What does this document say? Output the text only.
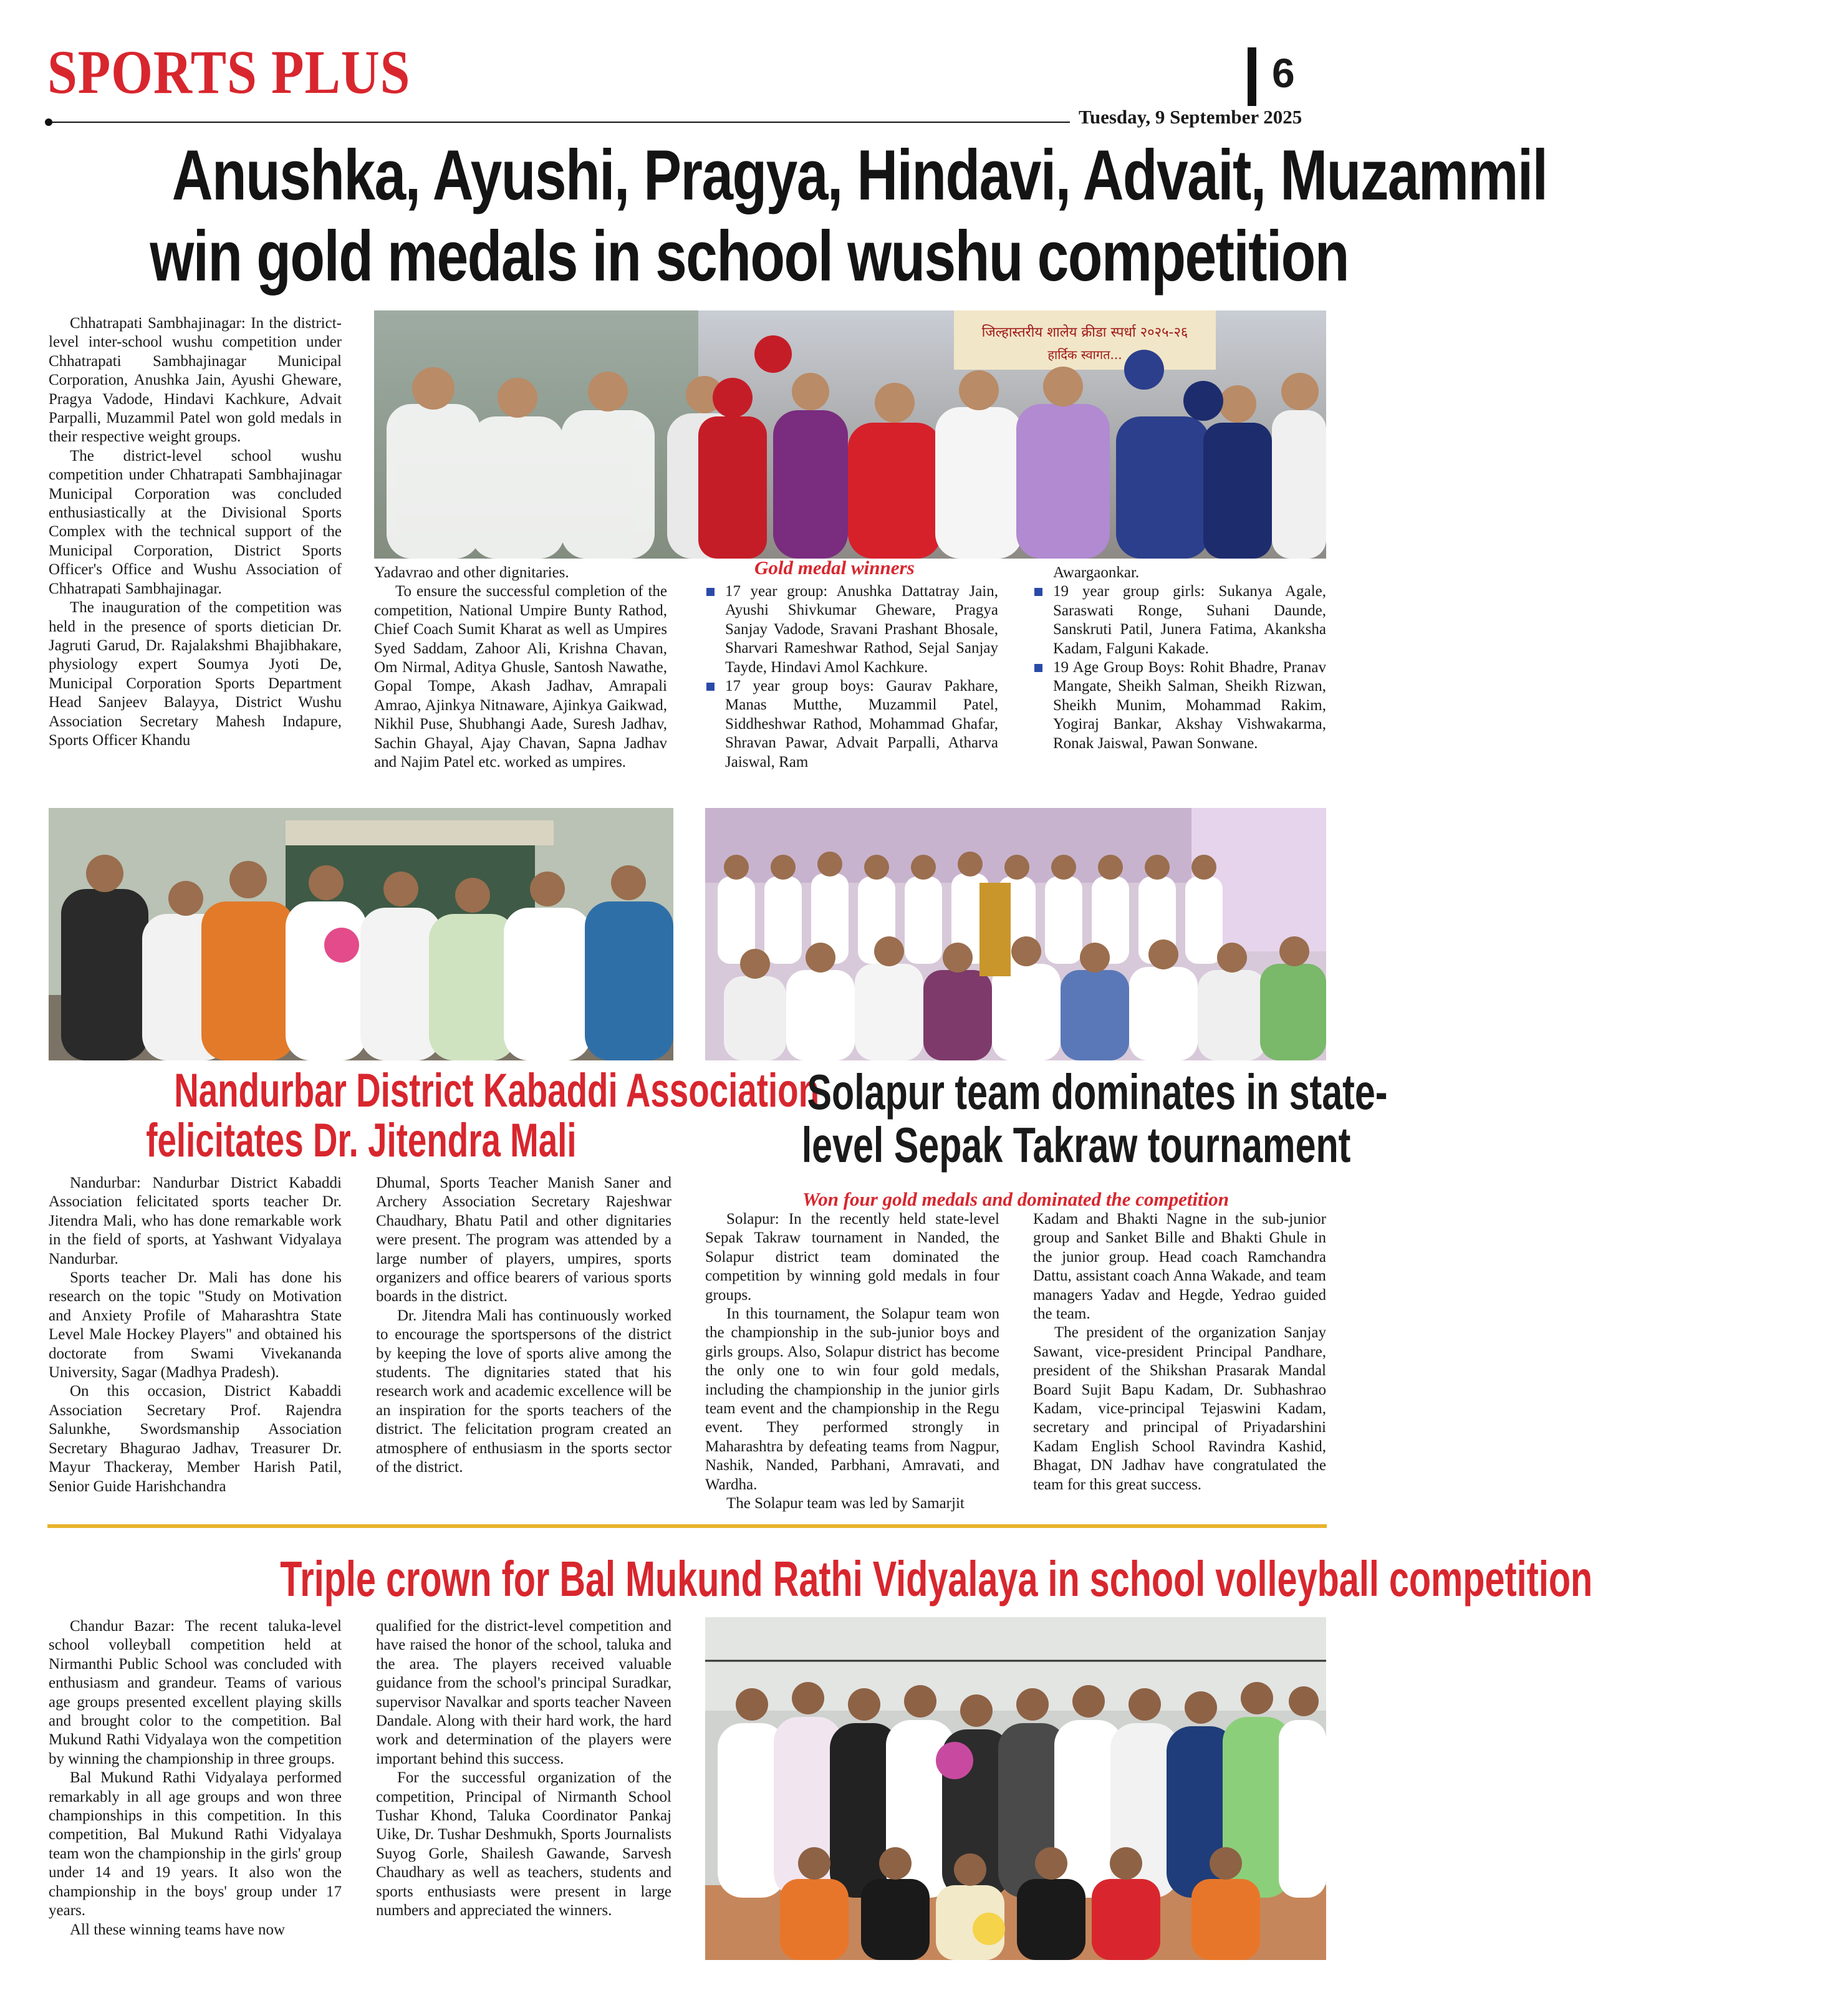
SPORTS PLUS	6
Tuesday, 9 September 2025
Anushka, Ayushi, Pragya, Hindavi, Advait, Muzammil
win gold medals in school wushu competition

Chhatrapati Sambhajinagar: In the district-level inter-school wushu competition under Chhatrapati Sambhajinagar Municipal Corporation, Anushka Jain, Ayushi Gheware, Pragya Vadode, Hindavi Kachkure, Advait Parpalli, Muzammil Patel won gold medals in their respective weight groups.

The district-level school wushu competition under Chhatrapati Sambhajinagar Municipal Corporation was concluded enthusiastically at the Divisional Sports Complex with the technical support of the Municipal Corporation, District Sports Officer's Office and Wushu Association of Chhatrapati Sambhajinagar.

The inauguration of the competition was held in the presence of sports dietician Dr. Jagruti Garud, Dr. Rajalakshmi Bhajibhakare, physiology expert Soumya Jyoti De, Municipal Corporation Sports Department Head Sanjeev Balayya, District Wushu Association Secretary Mahesh Indapure, Sports Officer Khandu

जिल्हास्तरीय शालेय क्रीडा स्पर्धा २०२५-२६
हार्दिक स्वागत...
Gold medal winners

Yadavrao and other dignitaries.

To ensure the successful completion of the competition, National Umpire Bunty Rathod, Chief Coach Sumit Kharat as well as Umpires Syed Saddam, Zahoor Ali, Krishna Chavan, Om Nirmal, Aditya Ghusle, Santosh Nawathe, Gopal Tompe, Akash Jadhav, Amrapali Amrao, Ajinkya Nitnaware, Ajinkya Gaikwad, Nikhil Puse, Shubhangi Aade, Suresh Jadhav, Sachin Ghayal, Ajay Chavan, Sapna Jadhav and Najim Patel etc. worked as umpires.

17 year group: Anushka Dattatray Jain, Ayushi Shivkumar Gheware, Pragya Sanjay Vadode, Sravani Prashant Bhosale, Sharvari Rameshwar Rathod, Sejal Sanjay Tayde, Hindavi Amol Kachkure.

17 year group boys: Gaurav Pakhare, Manas Mutthe, Muzammil Patel, Siddheshwar Rathod, Mohammad Ghafar, Shravan Pawar, Advait Parpalli, Atharva Jaiswal, Ram

Awargaonkar.

19 year group girls: Sukanya Agale, Saraswati Ronge, Suhani Daunde, Sanskruti Patil, Junera Fatima, Akanksha Kadam, Falguni Kakade.

19 Age Group Boys: Rohit Bhadre, Pranav Mangate, Sheikh Salman, Sheikh Rizwan, Sheikh Munim, Mohammad Rakim, Yogiraj Bankar, Akshay Vishwakarma, Ronak Jaiswal, Pawan Sonwane.

Nandurbar District Kabaddi Association
felicitates Dr. Jitendra Mali

Nandurbar: Nandurbar District Kabaddi Association felicitated sports teacher Dr. Jitendra Mali, who has done remarkable work in the field of sports, at Yashwant Vidyalaya Nandurbar.

Sports teacher Dr. Mali has done his research on the topic "Study on Motivation and Anxiety Profile of Maharashtra State Level Male Hockey Players" and obtained his doctorate from Swami Vivekananda University, Sagar (Madhya Pradesh).

On this occasion, District Kabaddi Association Secretary Prof. Rajendra Salunkhe, Swordsmanship Association Secretary Bhagurao Jadhav, Treasurer Dr. Mayur Thackeray, Member Harish Patil, Senior Guide Harishchandra

Dhumal, Sports Teacher Manish Saner and Archery Association Secretary Rajeshwar Chaudhary, Bhatu Patil and other dignitaries were present. The program was attended by a large number of players, umpires, sports organizers and office bearers of various sports boards in the district.

Dr. Jitendra Mali has continuously worked to encourage the sportspersons of the district by keeping the love of sports alive among the students. The dignitaries stated that his research work and academic excellence will be an inspiration for the sports teachers of the district. The felicitation program created an atmosphere of enthusiasm in the sports sector of the district.

Solapur team dominates in state-
level Sepak Takraw tournament
Won four gold medals and dominated the competition

Solapur: In the recently held state-level Sepak Takraw tournament in Nanded, the Solapur district team dominated the competition by winning gold medals in four groups.

In this tournament, the Solapur team won the championship in the sub-junior boys and girls groups. Also, Solapur district has become the only one to win four gold medals, including the championship in the junior girls team event and the championship in the Regu event. They performed strongly in Maharashtra by defeating teams from Nagpur, Nashik, Nanded, Parbhani, Amravati, and Wardha.

The Solapur team was led by Samarjit

Kadam and Bhakti Nagne in the sub-junior group and Sanket Bille and Bhakti Ghule in the junior group. Head coach Ramchandra Dattu, assistant coach Anna Wakade, and team managers Yadav and Hegde, Yedrao guided the team.

The president of the organization Sanjay Sawant, vice-president Principal Pandhare, president of the Shikshan Prasarak Mandal Board Sujit Bapu Kadam, Dr. Subhashrao Kadam, vice-principal Tejaswini Kadam, secretary and principal of Priyadarshini Kadam English School Ravindra Kashid, Bhagat, DN Jadhav have congratulated the team for this great success.

Triple crown for Bal Mukund Rathi Vidyalaya in school volleyball competition

Chandur Bazar: The recent taluka-level school volleyball competition held at Nirmanthi Public School was concluded with enthusiasm and grandeur. Teams of various age groups presented excellent playing skills and brought color to the competition. Bal Mukund Rathi Vidyalaya won the competition by winning the championship in three groups.

Bal Mukund Rathi Vidyalaya performed remarkably in all age groups and won three championships in this competition. In this competition, Bal Mukund Rathi Vidyalaya team won the championship in the girls' group under 14 and 19 years. It also won the championship in the boys' group under 17 years.

All these winning teams have now

qualified for the district-level competition and have raised the honor of the school, taluka and the area. The players received valuable guidance from the school's principal Suradkar, supervisor Navalkar and sports teacher Naveen Dandale. Along with their hard work, the hard work and determination of the players were important behind this success.

For the successful organization of the competition, Principal of Nirmanth School Tushar Khond, Taluka Coordinator Pankaj Uike, Dr. Tushar Deshmukh, Sports Journalists Suyog Gorle, Shailesh Gawande, Sarvesh Chaudhary as well as teachers, students and sports enthusiasts were present in large numbers and appreciated the winners.
